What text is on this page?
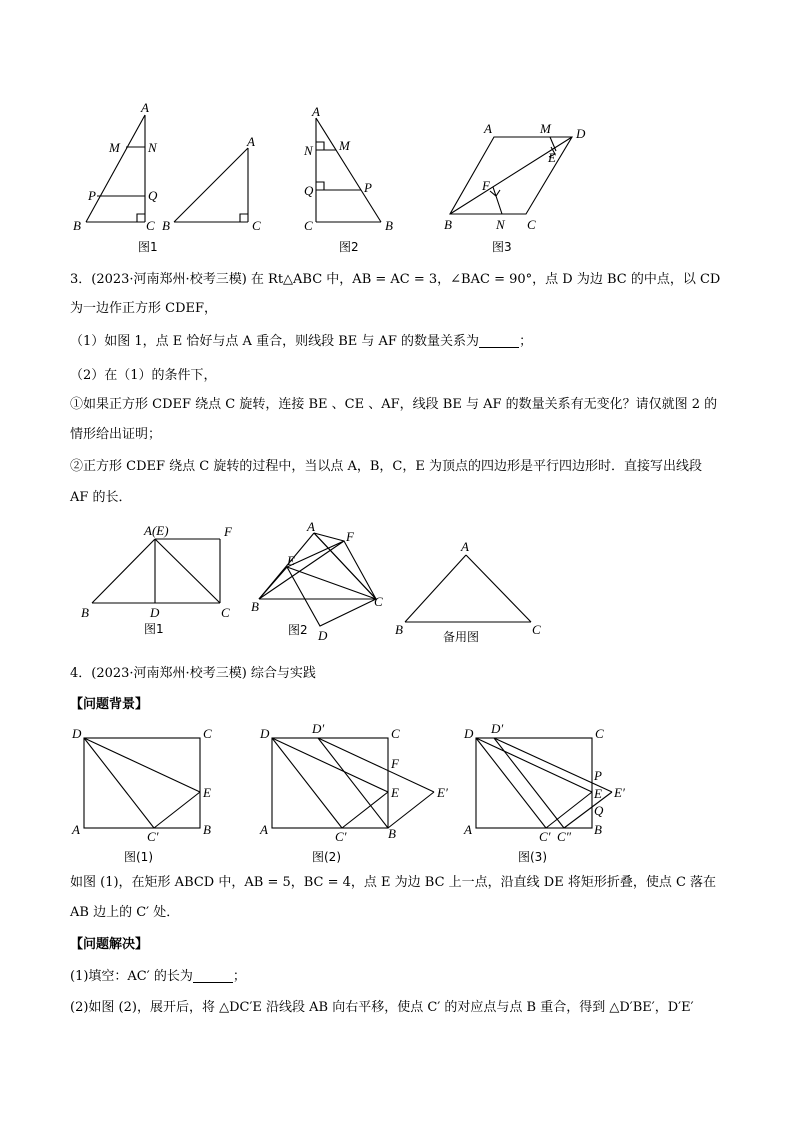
A
M N
P	Q
B	C
A
B	C
A
N M
Q	P
C	B
A	M D
E
F
B	N C
图1	图2	图3
A(E)	F
B	D	C
图1
A
F
E
B	C
D
图2
A
B	C
备用图
D	C
E
A	C′	B
图(1)
D	D′	C
F
E	E′
A	C′	B
图(2)
D D′	C
P
E E′
Q
A	C′ C″ B
图(3)
3．(2023·河南郑州·校考三模) 在 Rt△ABC 中，AB = AC = 3，∠BAC = 90°，点 D 为边 BC 的中点，以 CD
为一边作正方形 CDEF，
（1）如图 1，点 E 恰好与点 A 重合，则线段 BE 与 AF 的数量关系为	；
（2）在（1）的条件下，
①如果正方形 CDEF 绕点 C 旋转，连接 BE 、CE 、AF，线段 BE 与 AF 的数量关系有无变化？请仅就图 2 的
情形给出证明；
②正方形 CDEF 绕点 C 旋转的过程中，当以点 A，B，C，E 为顶点的四边形是平行四边形时．直接写出线段
AF 的长．
4．(2023·河南郑州·校考三模) 综合与实践
【问题背景】
如图 (1)，在矩形 ABCD 中，AB = 5，BC = 4，点 E 为边 BC 上一点，沿直线 DE 将矩形折叠，使点 C 落在
AB 边上的 C′ 处．
【问题解决】
(1)填空：AC′ 的长为	；
(2)如图 (2)，展开后，将 △DC′E 沿线段 AB 向右平移，使点 C′ 的对应点与点 B 重合，得到 △D′BE′，D′E′
